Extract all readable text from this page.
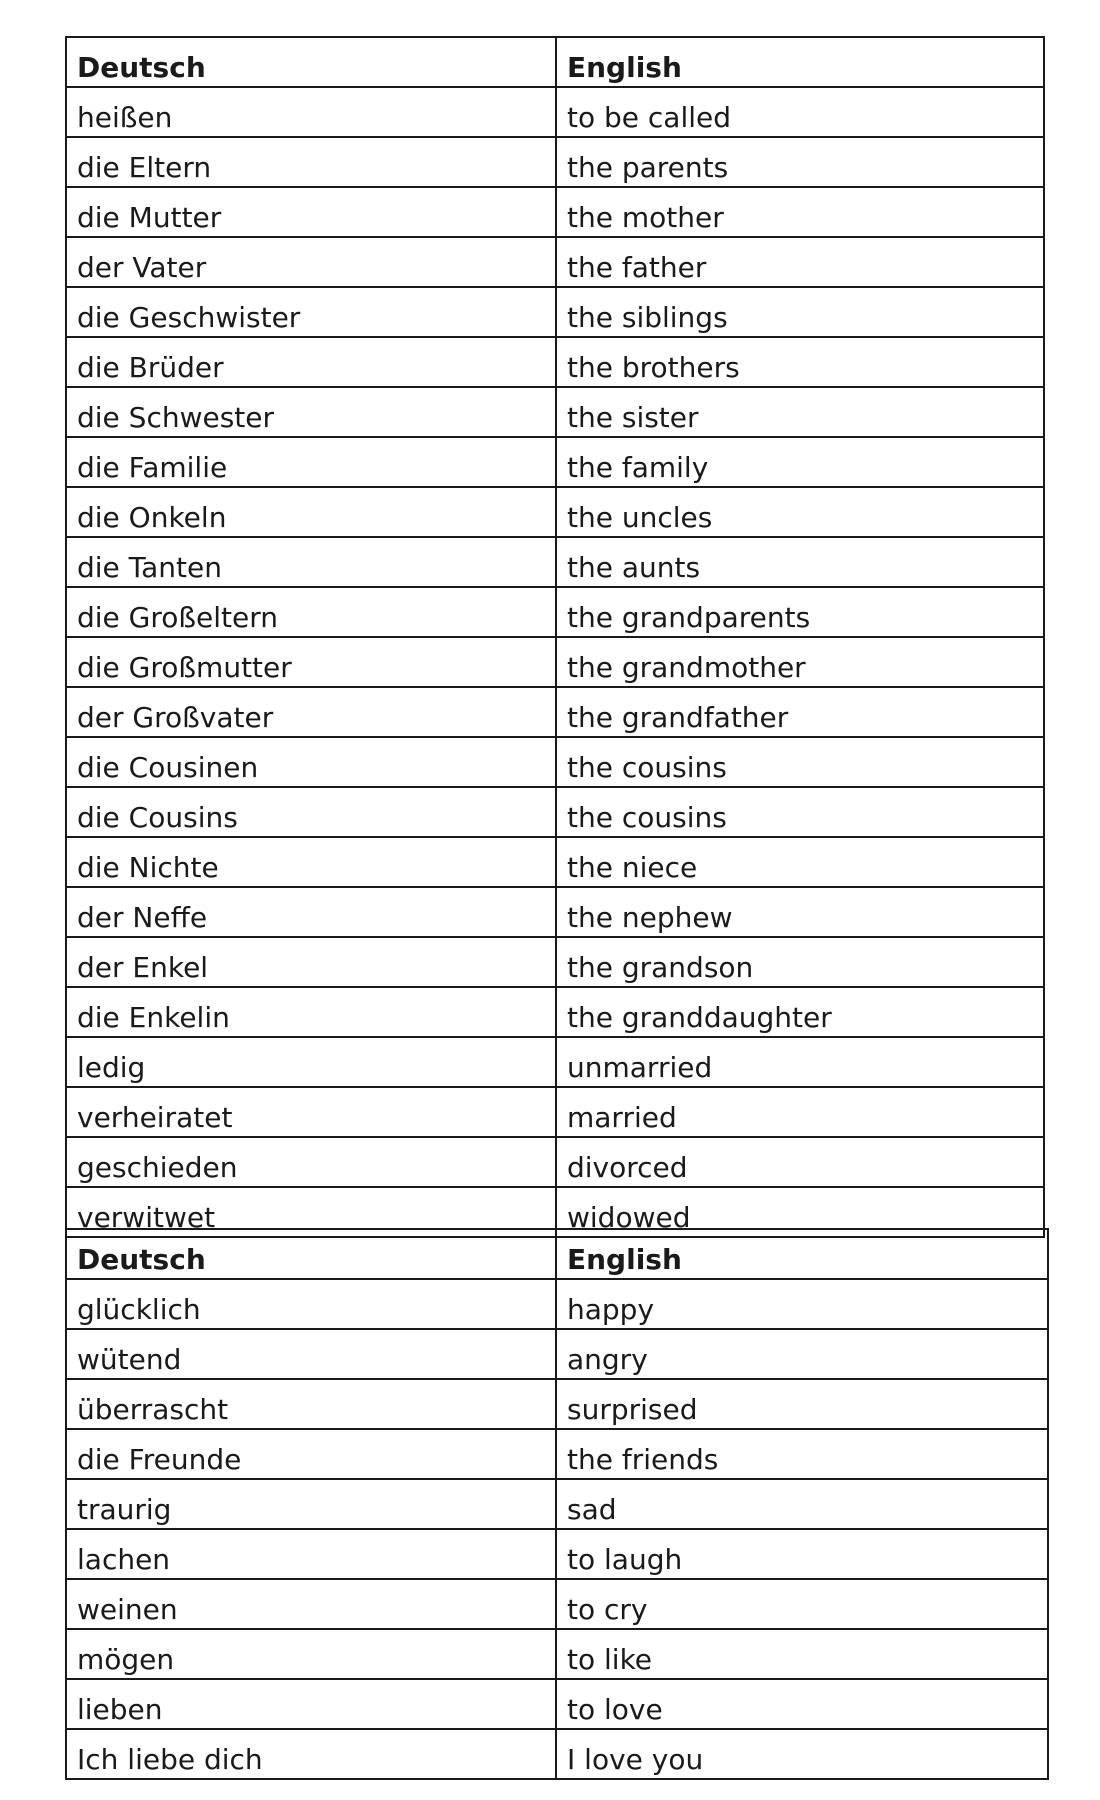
Deutsch	English
heißen	to be called
die Eltern	the parents
die Mutter	the mother
der Vater	the father
die Geschwister	the siblings
die Brüder	the brothers
die Schwester	the sister
die Familie	the family
die Onkeln	the uncles
die Tanten	the aunts
die Großeltern	the grandparents
die Großmutter	the grandmother
der Großvater	the grandfather
die Cousinen	the cousins
die Cousins	the cousins
die Nichte	the niece
der Neffe	the nephew
der Enkel	the grandson
die Enkelin	the granddaughter
ledig	unmarried
verheiratet	married
geschieden	divorced
verwitwet	widowed
Deutsch	English
glücklich	happy
wütend	angry
überrascht	surprised
die Freunde	the friends
traurig	sad
lachen	to laugh
weinen	to cry
mögen	to like
lieben	to love
Ich liebe dich	I love you
